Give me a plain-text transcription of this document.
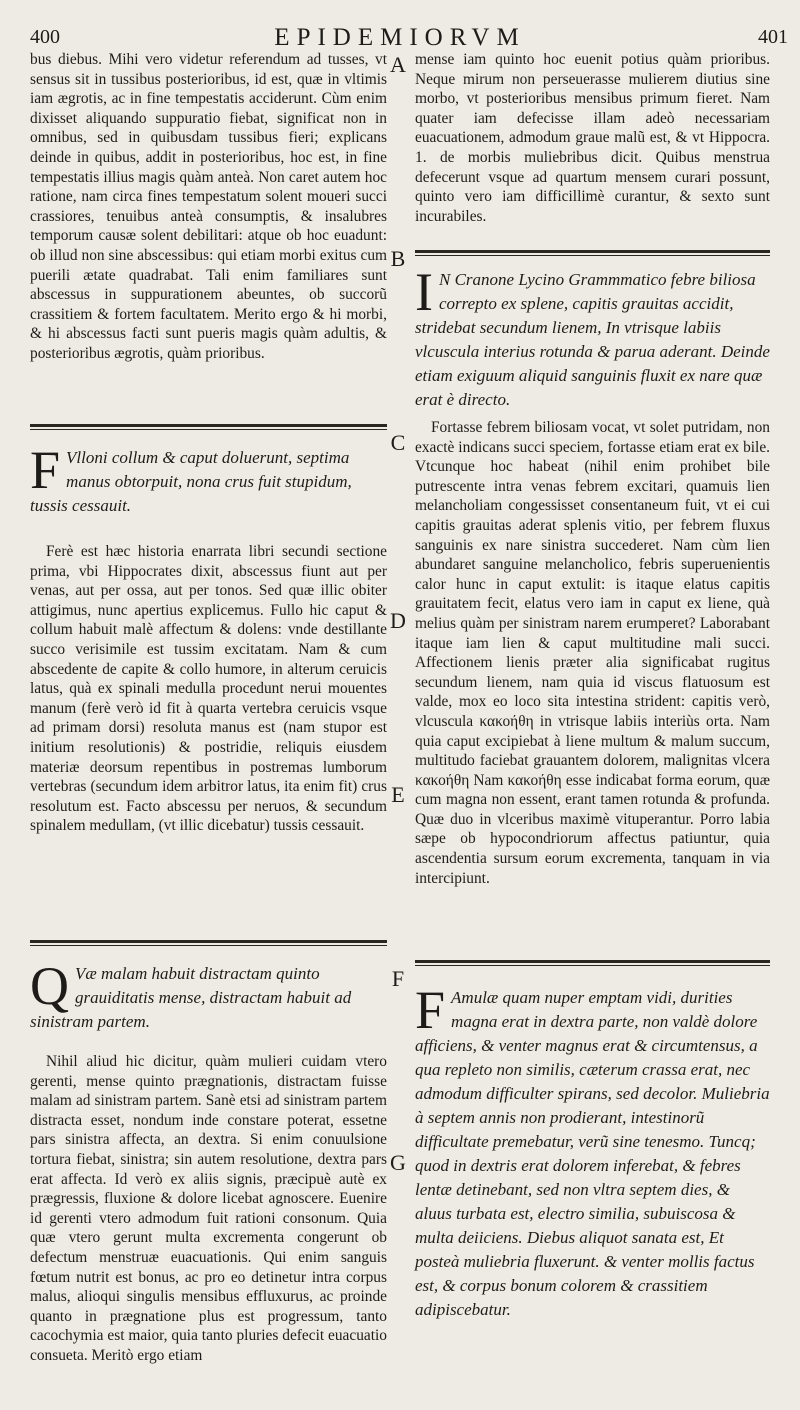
400	EPIDEMIORVM	401
A
B
C
D
E
F
G

bus diebus. Mihi vero videtur referendum ad tusses, vt sensus sit in tussibus posterioribus, id est, quæ in vltimis iam ægrotis, ac in fine tempestatis acciderunt. Cùm enim dixisset aliquando suppuratio fiebat, significat non in omnibus, sed in quibusdam tussibus fieri; explicans deinde in quibus, addit in posterioribus, hoc est, in fine tempestatis illius magis quàm anteà. Non caret autem hoc ratione, nam circa fines tempestatum solent moueri succi crassiores, tenuibus anteà consumptis, & insalubres temporum causæ solent debilitari: atque ob hoc euadunt: ob illud non sine abscessibus: qui etiam morbi exitus cum puerili ætate quadrabat. Tali enim familiares sunt abscessus in suppurationem abeuntes, ob succorũ crassitiem & fortem facultatem. Merito ergo & hi morbi, & hi abscessus facti sunt pueris magis quàm adultis, & posterioribus ægrotis, quàm prioribus.

F Vlloni collum & caput doluerunt, septima manus obtorpuit, nona crus fuit stupidum, tussis cessauit.

Ferè est hæc historia enarrata libri secundi sectione prima, vbi Hippocrates dixit, abscessus fiunt aut per venas, aut per ossa, aut per tonos. Sed quæ illic obiter attigimus, nunc apertius explicemus. Fullo hic caput & collum habuit malè affectum & dolens: vnde destillante succo verisimile est tussim excitatam. Nam & cum abscedente de capite & collo humore, in alterum ceruicis latus, quà ex spinali medulla procedunt nerui mouentes manum (ferè verò id fit à quarta vertebra ceruicis vsque ad primam dorsi) resoluta manus est (nam stupor est initium resolutionis) & postridie, reliquis eiusdem materiæ deorsum repentibus in postremas lumborum vertebras (secundum idem arbitror latus, ita enim fit) crus resolutum est. Facto abscessu per neruos, & secundum spinalem medullam, (vt illic dicebatur) tussis cessauit.

Q Væ malam habuit distractam quinto grauiditatis mense, distractam habuit ad sinistram partem.

Nihil aliud hic dicitur, quàm mulieri cuidam vtero gerenti, mense quinto prægnationis, distractam fuisse malam ad sinistram partem. Sanè etsi ad sinistram partem distracta esset, nondum inde constare poterat, essetne pars sinistra affecta, an dextra. Si enim conuulsione tortura fiebat, sinistra; sin autem resolutione, dextra pars erat affecta. Id verò ex aliis signis, præcipuè autè ex prægressis, fluxione & dolore licebat agnoscere. Euenire id gerenti vtero admodum fuit rationi consonum. Quia quæ vtero gerunt multa excrementa congerunt ob defectum menstruæ euacuationis. Qui enim sanguis fœtum nutrit est bonus, ac pro eo detinetur intra corpus malus, alioqui singulis mensibus effluxurus, ac proinde quanto in prægnatione plus est progressum, tanto cacochymia est maior, quia tanto pluries defecit euacuatio consueta. Meritò ergo etiam

mense iam quinto hoc euenit potius quàm prioribus. Neque mirum non perseuerasse mulierem diutius sine morbo, vt posterioribus mensibus primum fieret. Nam quater iam defecisse illam adeò necessariam euacuationem, admodum graue malũ est, & vt Hippocra. 1. de morbis muliebribus dicit. Quibus menstrua defecerunt vsque ad quartum mensem curari possunt, quinto vero iam difficillimè curantur, & sexto sunt incurabiles.

I N Cranone Lycino Grammmatico febre biliosa correpto ex splene, capitis grauitas accidit, stridebat secundum lienem, In vtrisque labiis vlcuscula interius rotunda & parua aderant. Deinde etiam exiguum aliquid sanguinis fluxit ex nare quæ erat è directo.

Fortasse febrem biliosam vocat, vt solet putridam, non exactè indicans succi speciem, fortasse etiam erat ex bile. Vtcunque hoc habeat (nihil enim prohibet bile putrescente intra venas febrem excitari, quamuis lien melancholiam congessisset consentaneum fuit, vt ei cui capitis grauitas aderat splenis vitio, per febrem fluxus sanguinis ex nare sinistra succederet. Nam cùm lien abundaret sanguine melancholico, febris superuenientis calor hunc in caput extulit: is itaque elatus capitis grauitatem fecit, elatus vero iam in caput ex liene, quà melius quàm per sinistram narem erumperet? Laborabant itaque iam lien & caput multitudine mali succi. Affectionem lienis præter alia significabat rugitus secundum lienem, nam quia id viscus flatuosum est valde, mox eo loco sita intestina strident: capitis verò, vlcuscula κακοήθη in vtrisque labiis interiùs orta. Nam quia caput excipiebat à liene multum & malum succum, multitudo faciebat grauantem dolorem, malignitas vlcera κακοήθη Nam κακοήθη esse indicabat forma eorum, quæ cum magna non essent, erant tamen rotunda & profunda. Quæ duo in vlceribus maximè vituperantur. Porro labia sæpe ob hypocondriorum affectus patiuntur, quia ascendentia sursum eorum excrementa, tanquam in via intercipiunt.

F Amulæ quam nuper emptam vidi, durities magna erat in dextra parte, non valdè dolore afficiens, & venter magnus erat & circumtensus, a qua repleto non similis, cæterum crassa erat, nec admodum difficulter spirans, sed decolor. Muliebria à septem annis non prodierant, intestinorũ difficultate premebatur, verũ sine tenesmo. Tuncq; quod in dextris erat dolorem inferebat, & febres lentæ detinebant, sed non vltra septem dies, & aluus turbata est, electro similia, subuiscosa & multa deiiciens. Diebus aliquot sanata est, Et posteà muliebria fluxerunt. & venter mollis factus est, & corpus bonum colorem & crassitiem adipiscebatur.
